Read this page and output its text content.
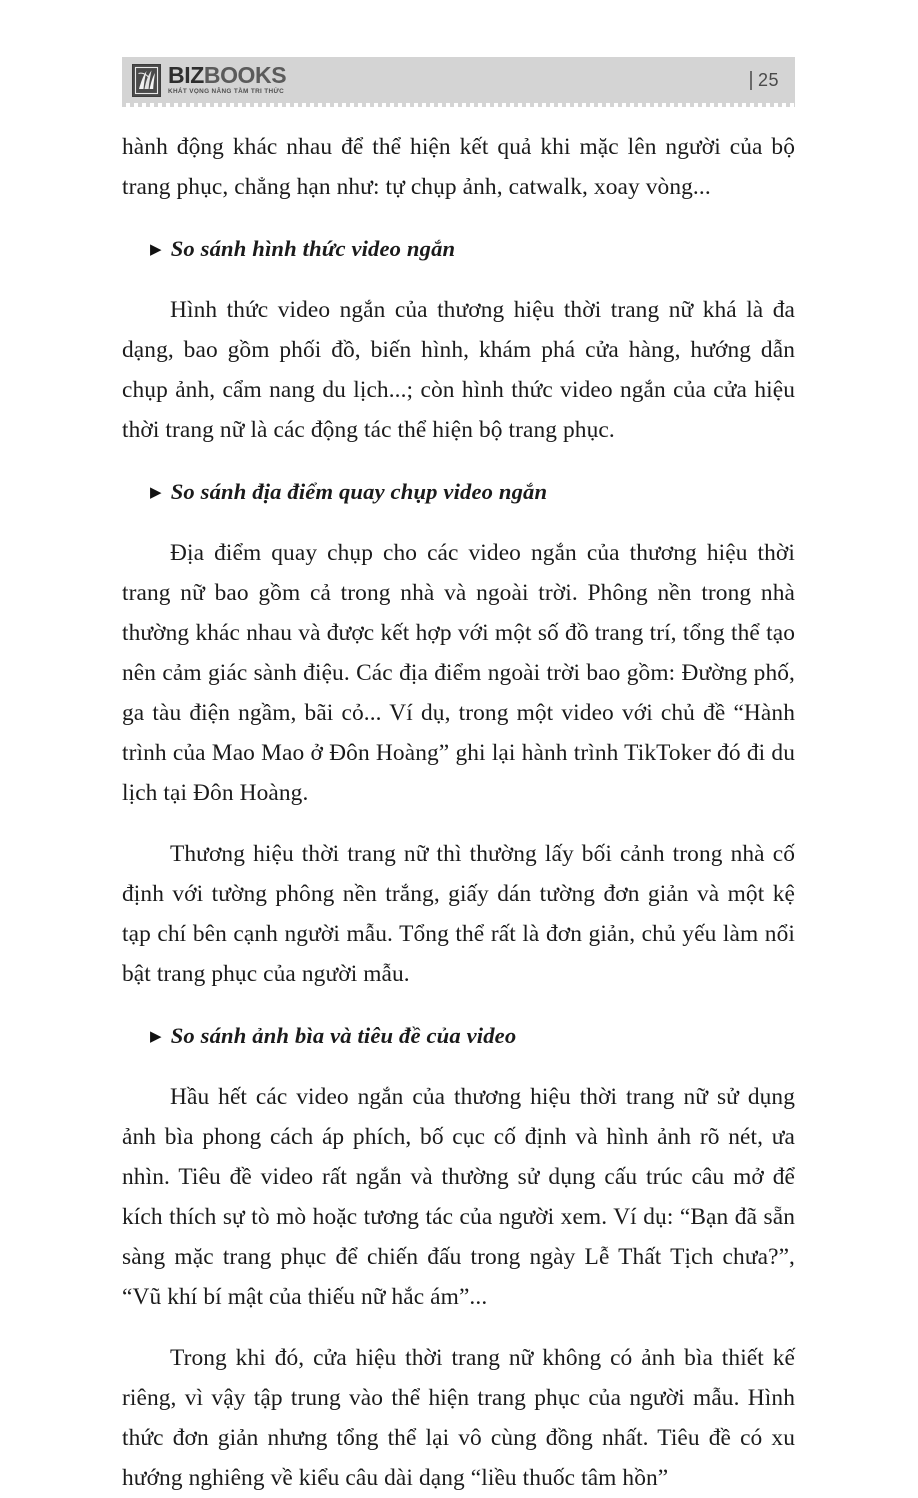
BIZBOOKS
KHÁT VỌNG NÂNG TẦM TRI THỨC
25

hành động khác nhau để thể hiện kết quả khi mặc lên người của bộ trang phục, chẳng hạn như: tự chụp ảnh, catwalk, xoay vòng...

▶ So sánh hình thức video ngắn

Hình thức video ngắn của thương hiệu thời trang nữ khá là đa dạng, bao gồm phối đồ, biến hình, khám phá cửa hàng, hướng dẫn chụp ảnh, cẩm nang du lịch...; còn hình thức video ngắn của cửa hiệu thời trang nữ là các động tác thể hiện bộ trang phục.

▶ So sánh địa điểm quay chụp video ngắn

Địa điểm quay chụp cho các video ngắn của thương hiệu thời trang nữ bao gồm cả trong nhà và ngoài trời. Phông nền trong nhà thường khác nhau và được kết hợp với một số đồ trang trí, tổng thể tạo nên cảm giác sành điệu. Các địa điểm ngoài trời bao gồm: Đường phố, ga tàu điện ngầm, bãi cỏ... Ví dụ, trong một video với chủ đề “Hành trình của Mao Mao ở Đôn Hoàng” ghi lại hành trình TikToker đó đi du lịch tại Đôn Hoàng.

Thương hiệu thời trang nữ thì thường lấy bối cảnh trong nhà cố định với tường phông nền trắng, giấy dán tường đơn giản và một kệ tạp chí bên cạnh người mẫu. Tổng thể rất là đơn giản, chủ yếu làm nổi bật trang phục của người mẫu.

▶ So sánh ảnh bìa và tiêu đề của video

Hầu hết các video ngắn của thương hiệu thời trang nữ sử dụng ảnh bìa phong cách áp phích, bố cục cố định và hình ảnh rõ nét, ưa nhìn. Tiêu đề video rất ngắn và thường sử dụng cấu trúc câu mở để kích thích sự tò mò hoặc tương tác của người xem. Ví dụ: “Bạn đã sẵn sàng mặc trang phục để chiến đấu trong ngày Lễ Thất Tịch chưa?”, “Vũ khí bí mật của thiếu nữ hắc ám”...

Trong khi đó, cửa hiệu thời trang nữ không có ảnh bìa thiết kế riêng, vì vậy tập trung vào thể hiện trang phục của người mẫu. Hình thức đơn giản nhưng tổng thể lại vô cùng đồng nhất. Tiêu đề có xu hướng nghiêng về kiểu câu dài dạng “liều thuốc tâm hồn”
